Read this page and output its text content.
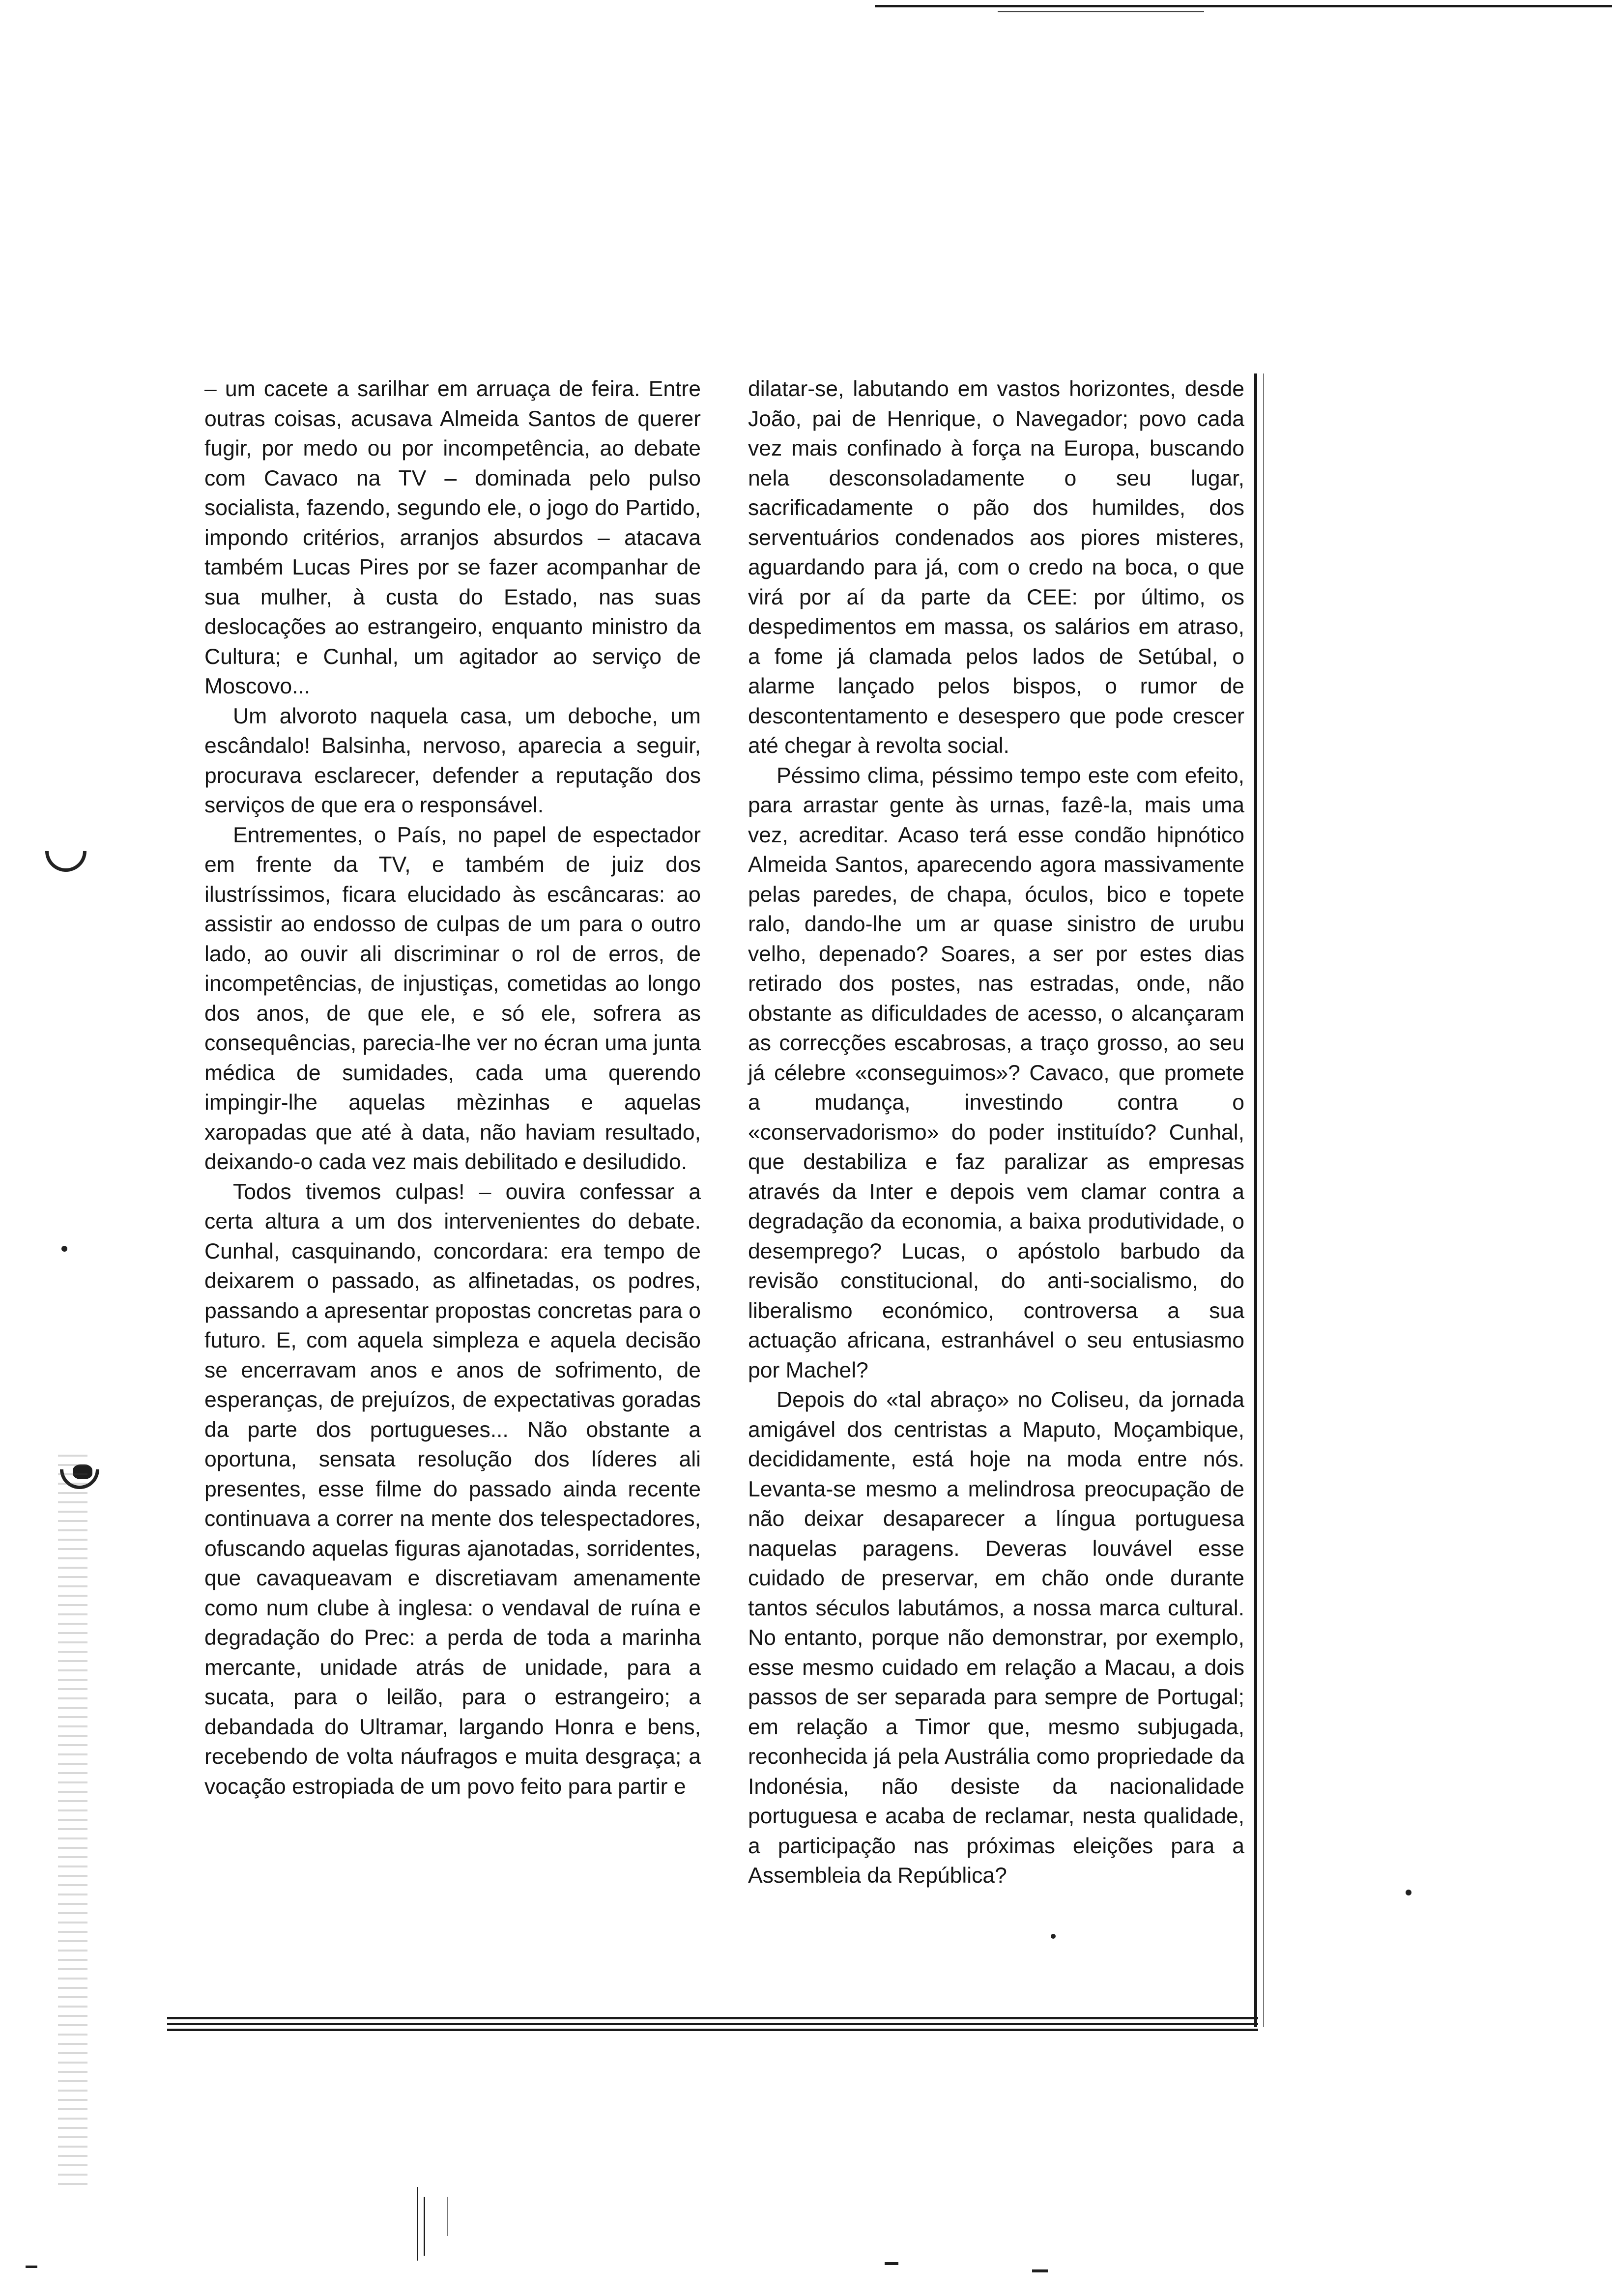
– um cacete a sarilhar em arruaça de feira. Entre outras coisas, acusava Almeida Santos de querer fugir, por medo ou por incompetência, ao debate com Cavaco na TV – dominada pelo pulso socialista, fazendo, segundo ele, o jogo do Partido, impondo critérios, arranjos absurdos – atacava também Lucas Pires por se fazer acompanhar de sua mulher, à custa do Estado, nas suas deslocações ao estrangeiro, enquanto ministro da Cultura; e Cunhal, um agitador ao serviço de Moscovo...

Um alvoroto naquela casa, um deboche, um escândalo! Balsinha, nervoso, aparecia a seguir, procurava esclarecer, defender a reputação dos serviços de que era o responsável.

Entrementes, o País, no papel de espectador em frente da TV, e também de juiz dos ilustríssimos, ficara elucidado às escâncaras: ao assistir ao endosso de culpas de um para o outro lado, ao ouvir ali discriminar o rol de erros, de incompetências, de injustiças, cometidas ao longo dos anos, de que ele, e só ele, sofrera as consequências, parecia-lhe ver no écran uma junta médica de sumidades, cada uma querendo impingir-lhe aquelas mèzinhas e aquelas xaropadas que até à data, não haviam resultado, deixando-o cada vez mais debilitado e desiludido.

Todos tivemos culpas! – ouvira confessar a certa altura a um dos intervenientes do debate. Cunhal, casquinando, concordara: era tempo de deixarem o passado, as alfinetadas, os podres, passando a apresentar propostas concretas para o futuro. E, com aquela simpleza e aquela decisão se encerravam anos e anos de sofrimento, de esperanças, de prejuízos, de expectativas goradas da parte dos portugueses... Não obstante a oportuna, sensata resolução dos líderes ali presentes, esse filme do passado ainda recente continuava a correr na mente dos telespectadores, ofuscando aquelas figuras ajanotadas, sorridentes, que cavaqueavam e discretiavam amenamente como num clube à inglesa: o vendaval de ruína e degradação do Prec: a perda de toda a marinha mercante, unidade atrás de unidade, para a sucata, para o leilão, para o estrangeiro; a debandada do Ultramar, largando Honra e bens, recebendo de volta náufragos e muita desgraça; a vocação estropiada de um povo feito para partir e

dilatar-se, labutando em vastos horizontes, desde João, pai de Henrique, o Navegador; povo cada vez mais confinado à força na Europa, buscando nela desconsoladamente o seu lugar, sacrificadamente o pão dos humildes, dos serventuários condenados aos piores misteres, aguardando para já, com o credo na boca, o que virá por aí da parte da CEE: por último, os despedimentos em massa, os salários em atraso, a fome já clamada pelos lados de Setúbal, o alarme lançado pelos bispos, o rumor de descontentamento e desespero que pode crescer até chegar à revolta social.

Péssimo clima, péssimo tempo este com efeito, para arrastar gente às urnas, fazê-la, mais uma vez, acreditar. Acaso terá esse condão hipnótico Almeida Santos, aparecendo agora massivamente pelas paredes, de chapa, óculos, bico e topete ralo, dando-lhe um ar quase sinistro de urubu velho, depenado? Soares, a ser por estes dias retirado dos postes, nas estradas, onde, não obstante as dificuldades de acesso, o alcançaram as correcções escabrosas, a traço grosso, ao seu já célebre «conseguimos»? Cavaco, que promete a mudança, investindo contra o «conservadorismo» do poder instituído? Cunhal, que destabiliza e faz paralizar as empresas através da Inter e depois vem clamar contra a degradação da economia, a baixa produtividade, o desemprego? Lucas, o apóstolo barbudo da revisão constitucional, do anti-socialismo, do liberalismo económico, controversa a sua actuação africana, estranhável o seu entusiasmo por Machel?

Depois do «tal abraço» no Coliseu, da jornada amigável dos centristas a Maputo, Moçambique, decididamente, está hoje na moda entre nós. Levanta-se mesmo a melindrosa preocupação de não deixar desaparecer a língua portuguesa naquelas paragens. Deveras louvável esse cuidado de preservar, em chão onde durante tantos séculos labutámos, a nossa marca cultural. No entanto, porque não demonstrar, por exemplo, esse mesmo cuidado em relação a Macau, a dois passos de ser separada para sempre de Portugal; em relação a Timor que, mesmo subjugada, reconhecida já pela Austrália como propriedade da Indonésia, não desiste da nacionalidade portuguesa e acaba de reclamar, nesta qualidade, a participação nas próximas eleições para a Assembleia da República?
